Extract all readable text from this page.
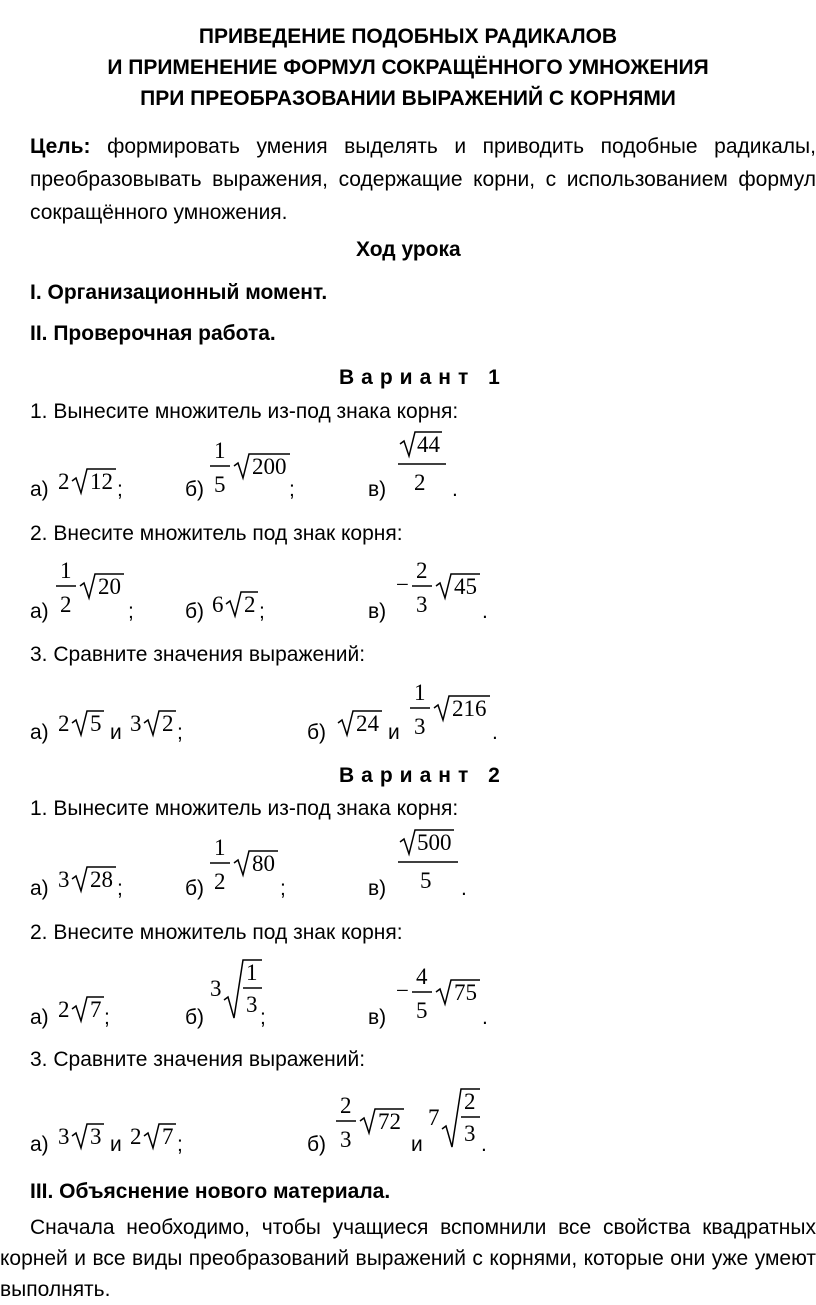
ПРИВЕДЕНИЕ ПОДОБНЫХ РАДИКАЛОВ
И ПРИМЕНЕНИЕ ФОРМУЛ СОКРАЩЁННОГО УМНОЖЕНИЯ
ПРИ ПРЕОБРАЗОВАНИИ ВЫРАЖЕНИЙ С КОРНЯМИ
Цель: формировать умения выделять и приводить подобные радикалы, преобразовывать выражения, содержащие корни, с использованием формул сокращённого умножения.
Ход урока
I. Организационный момент.
II. Проверочная работа.
Вариант 1
1. Вынесите множитель из-под знака корня:
а) 2 12 ;	б)
1
5
200
;	в)
44
2 .
2. Внесите множитель под знак корня:
а)
1
2
20
; б) 6 2 ;	в)
−
2
3
45
.
3. Сравните значения выражений:
а) 2 5 и 3 2 ;	б) 24 и
1
3
216
.
Вариант 2
1. Вынесите множитель из-под знака корня:
а) 3 28 ;	б)
1
2
80
;	в)
500
5 .
2. Внесите множитель под знак корня:
а) 2 7 ;	б)
3
1
3
;	в)
−
4
5
75
.
3. Сравните значения выражений:
а) 3 3 и 2 7 ;	б)
2
3
72
и
7
2
3 .
III. Объяснение нового материала.
Сначала необходимо, чтобы учащиеся вспомнили все свойства квадратных корней и все виды преобразований выражений с корнями, которые они уже умеют выполнять.
